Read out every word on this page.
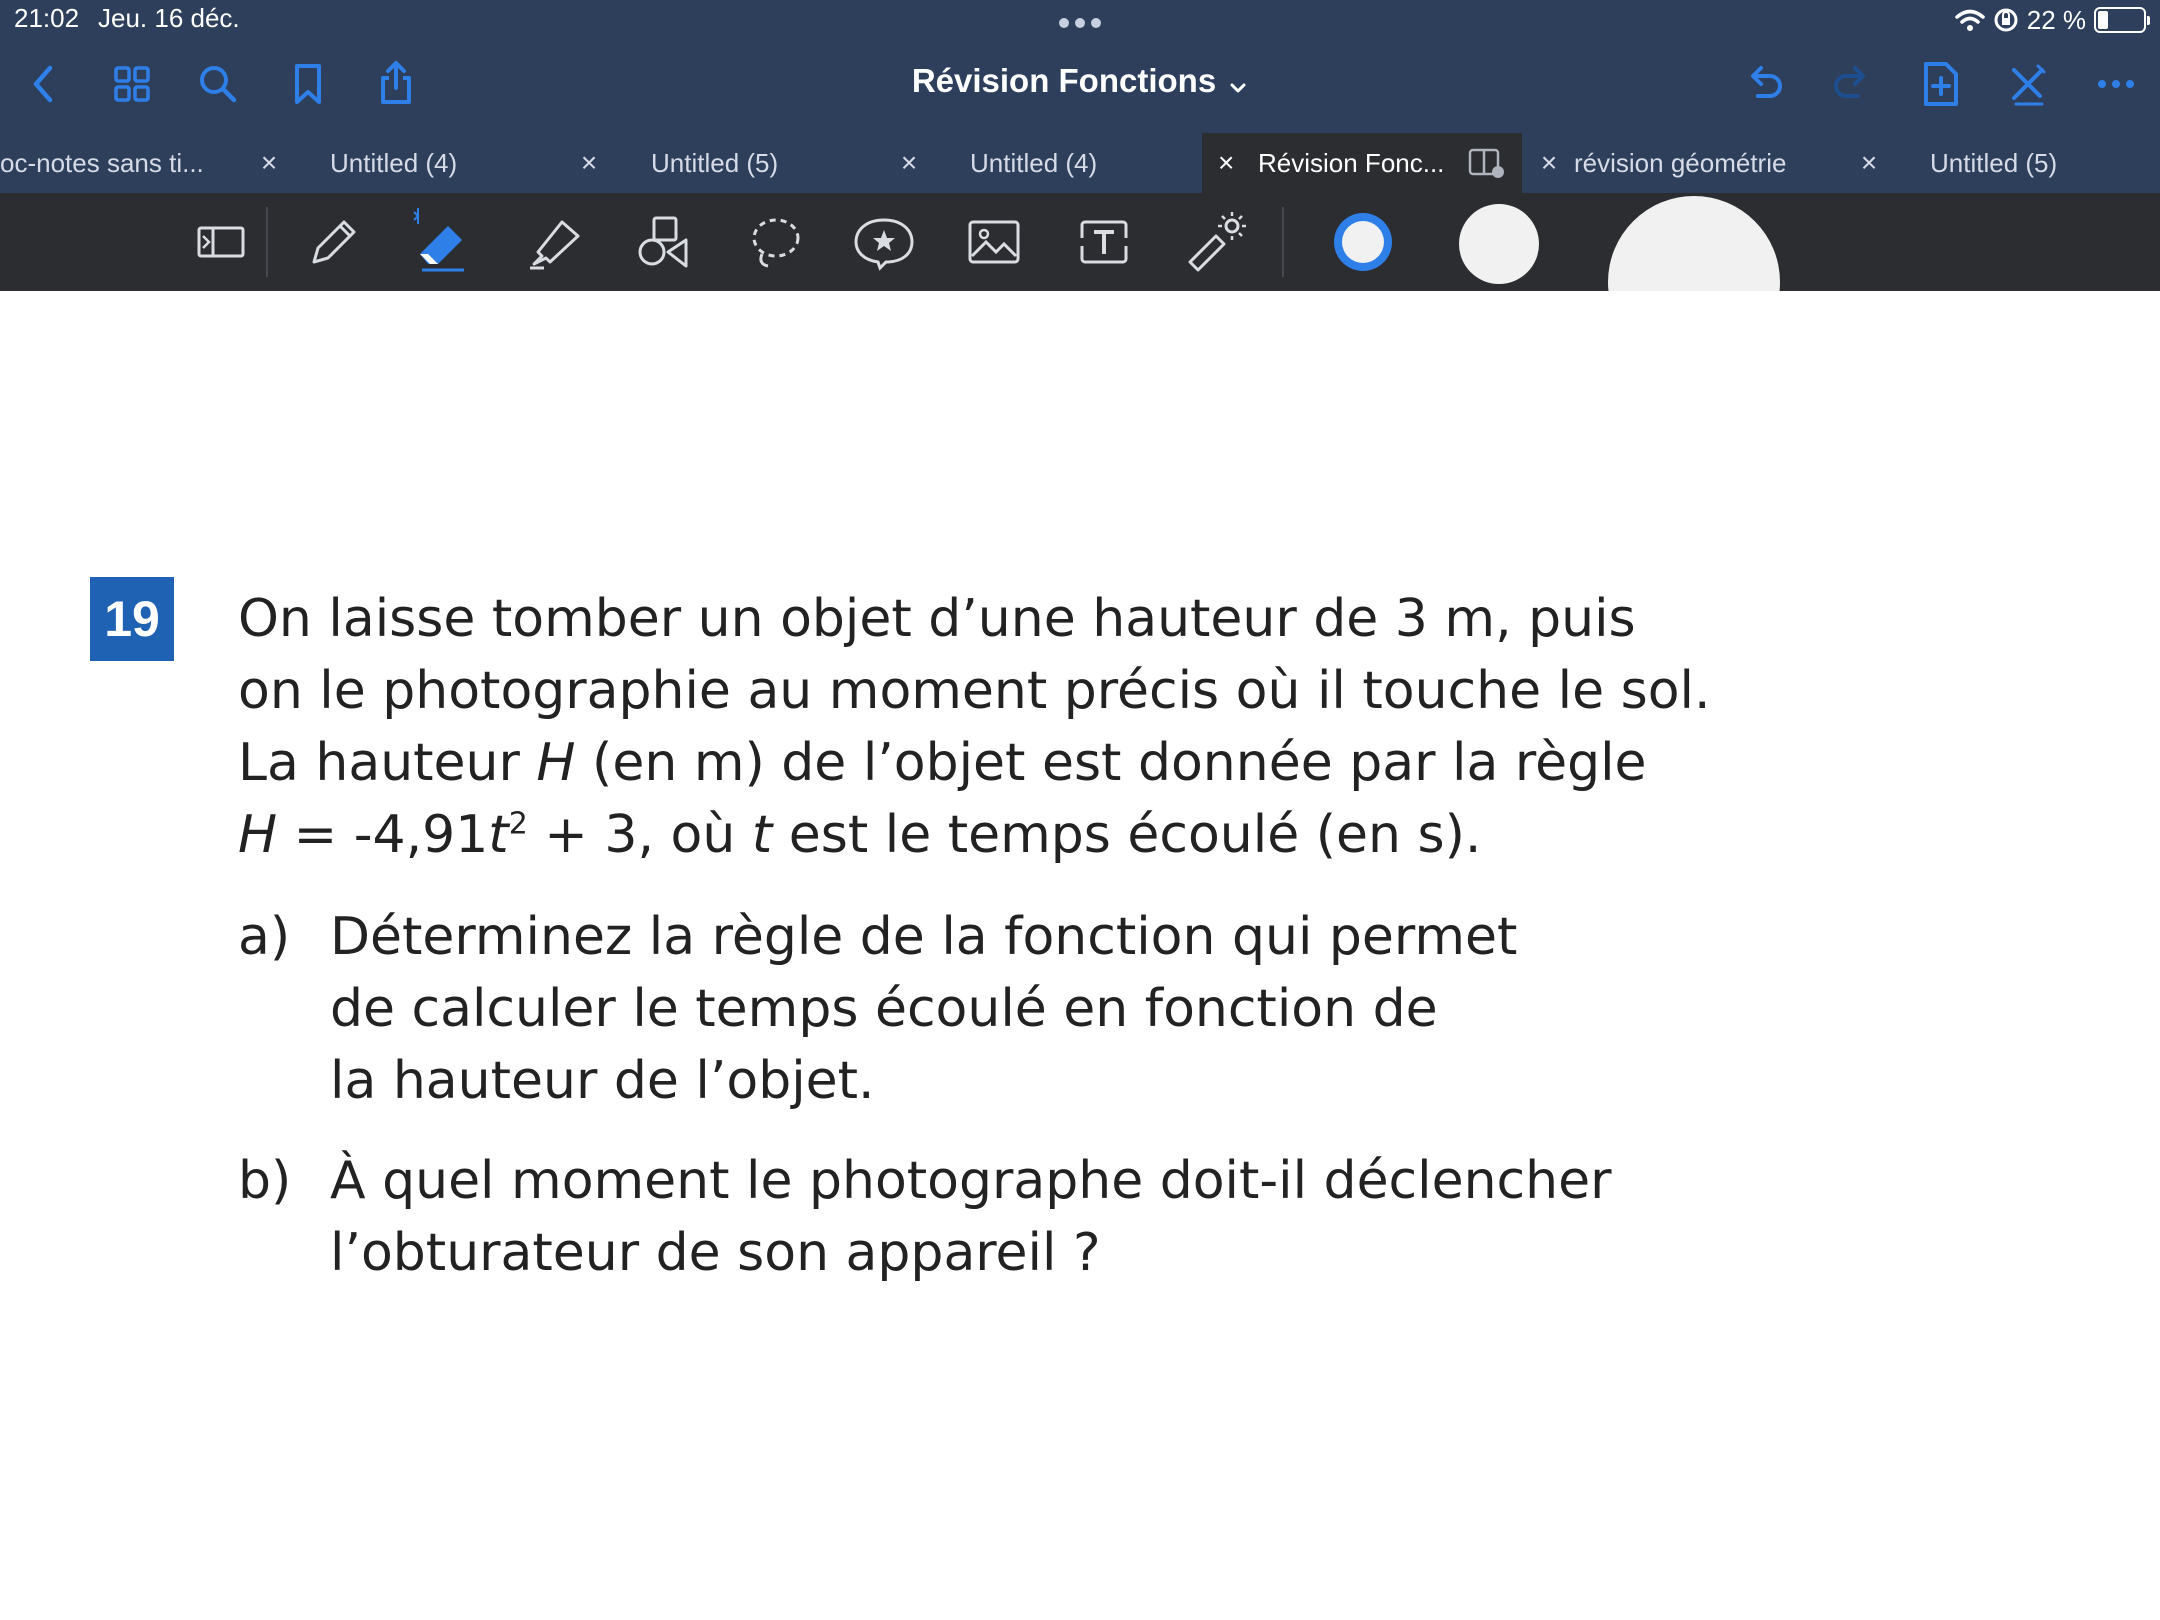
21:02 Jeu. 16 déc.	22 %
Révision Fonctions
oc-notes sans ti...	× Untitled (4)	× Untitled (5)	× Untitled (4)	× Révision Fonc...	× révision géométrie	× Untitled (5)
19 On laisse tomber un objet d’une hauteur de 3 m, puis
on le photographie au moment précis où il touche le sol.
La hauteur H (en m) de l’objet est donnée par la règle
$H = -4,91t^2 + 3$, où t est le temps écoulé (en s).
a) Déterminez la règle de la fonction qui permet
de calculer le temps écoulé en fonction de
la hauteur de l’objet.
b) À quel moment le photographe doit-il déclencher
l’obturateur de son appareil ?
